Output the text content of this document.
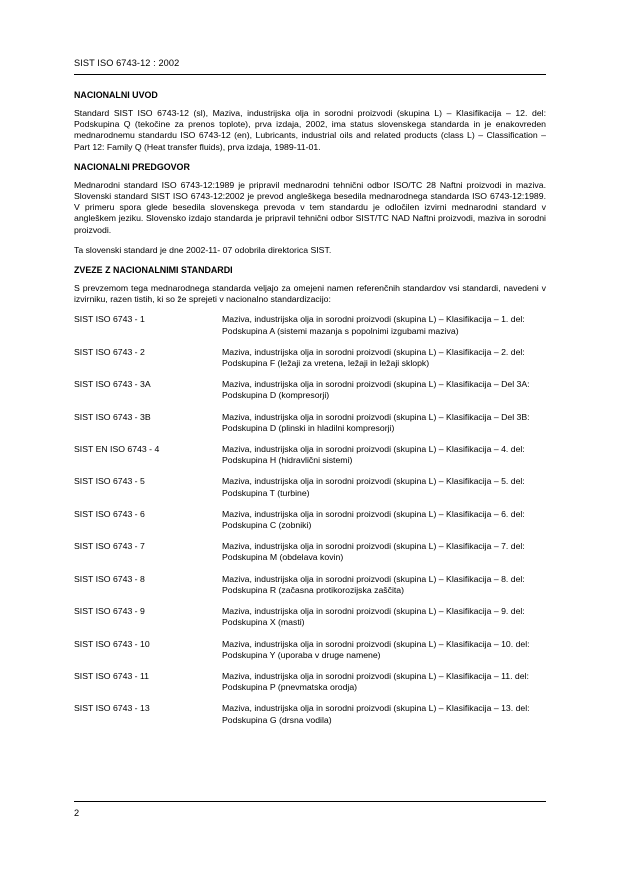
SIST ISO 6743-12 : 2002
NACIONALNI UVOD

Standard SIST ISO 6743-12 (sl), Maziva, industrijska olja in sorodni proizvodi (skupina L) – Klasifikacija – 12. del: Podskupina Q (tekočine za prenos toplote), prva izdaja, 2002, ima status slovenskega standarda in je enakovreden mednarodnemu standardu ISO 6743-12 (en), Lubricants, industrial oils and related products (class L) – Classification – Part 12: Family Q (Heat transfer fluids), prva izdaja, 1989-11-01.

NACIONALNI PREDGOVOR

Mednarodni standard ISO 6743-12:1989 je pripravil mednarodni tehnični odbor ISO/TC 28 Naftni proizvodi in maziva. Slovenski standard SIST ISO 6743-12:2002 je prevod angleškega besedila mednarodnega standarda ISO 6743-12:1989. V primeru spora glede besedila slovenskega prevoda v tem standardu je odločilen izvirni mednarodni standard v angleškem jeziku. Slovensko izdajo standarda je pripravil tehnični odbor SIST/TC NAD Naftni proizvodi, maziva in sorodni proizvodi.

Ta slovenski standard je dne 2002-11- 07 odobrila direktorica SIST.

ZVEZE Z NACIONALNIMI STANDARDI

S prevzemom tega mednarodnega standarda veljajo za omejeni namen referenčnih standardov vsi standardi, navedeni v izvirniku, razen tistih, ki so že sprejeti v nacionalno standardizacijo:

SIST ISO 6743 - 1	Maziva, industrijska olja in sorodni proizvodi (skupina L) – Klasifikacija – 1. del: Podskupina A (sistemi mazanja s popolnimi izgubami maziva)
SIST ISO 6743 - 2	Maziva, industrijska olja in sorodni proizvodi (skupina L) – Klasifikacija – 2. del: Podskupina F (ležaji za vretena, ležaji in ležaji sklopk)
SIST ISO 6743 - 3A	Maziva, industrijska olja in sorodni proizvodi (skupina L) – Klasifikacija – Del 3A: Podskupina D (kompresorji)
SIST ISO 6743 - 3B	Maziva, industrijska olja in sorodni proizvodi (skupina L) – Klasifikacija – Del 3B: Podskupina D (plinski in hladilni kompresorji)
SIST EN ISO 6743 - 4	Maziva, industrijska olja in sorodni proizvodi (skupina L) – Klasifikacija – 4. del: Podskupina H (hidravlični sistemi)
SIST ISO 6743 - 5	Maziva, industrijska olja in sorodni proizvodi (skupina L) – Klasifikacija – 5. del: Podskupina T (turbine)
SIST ISO 6743 - 6	Maziva, industrijska olja in sorodni proizvodi (skupina L) – Klasifikacija – 6. del: Podskupina C (zobniki)
SIST ISO 6743 - 7	Maziva, industrijska olja in sorodni proizvodi (skupina L) – Klasifikacija – 7. del: Podskupina M (obdelava kovin)
SIST ISO 6743 - 8	Maziva, industrijska olja in sorodni proizvodi (skupina L) – Klasifikacija – 8. del: Podskupina R (začasna protikorozijska zaščita)
SIST ISO 6743 - 9	Maziva, industrijska olja in sorodni proizvodi (skupina L) – Klasifikacija – 9. del: Podskupina X (masti)
SIST ISO 6743 - 10	Maziva, industrijska olja in sorodni proizvodi (skupina L) – Klasifikacija – 10. del: Podskupina Y (uporaba v druge namene)
SIST ISO 6743 - 11	Maziva, industrijska olja in sorodni proizvodi (skupina L) – Klasifikacija – 11. del: Podskupina P (pnevmatska orodja)
SIST ISO 6743 - 13	Maziva, industrijska olja in sorodni proizvodi (skupina L) – Klasifikacija – 13. del: Podskupina G (drsna vodila)
2
